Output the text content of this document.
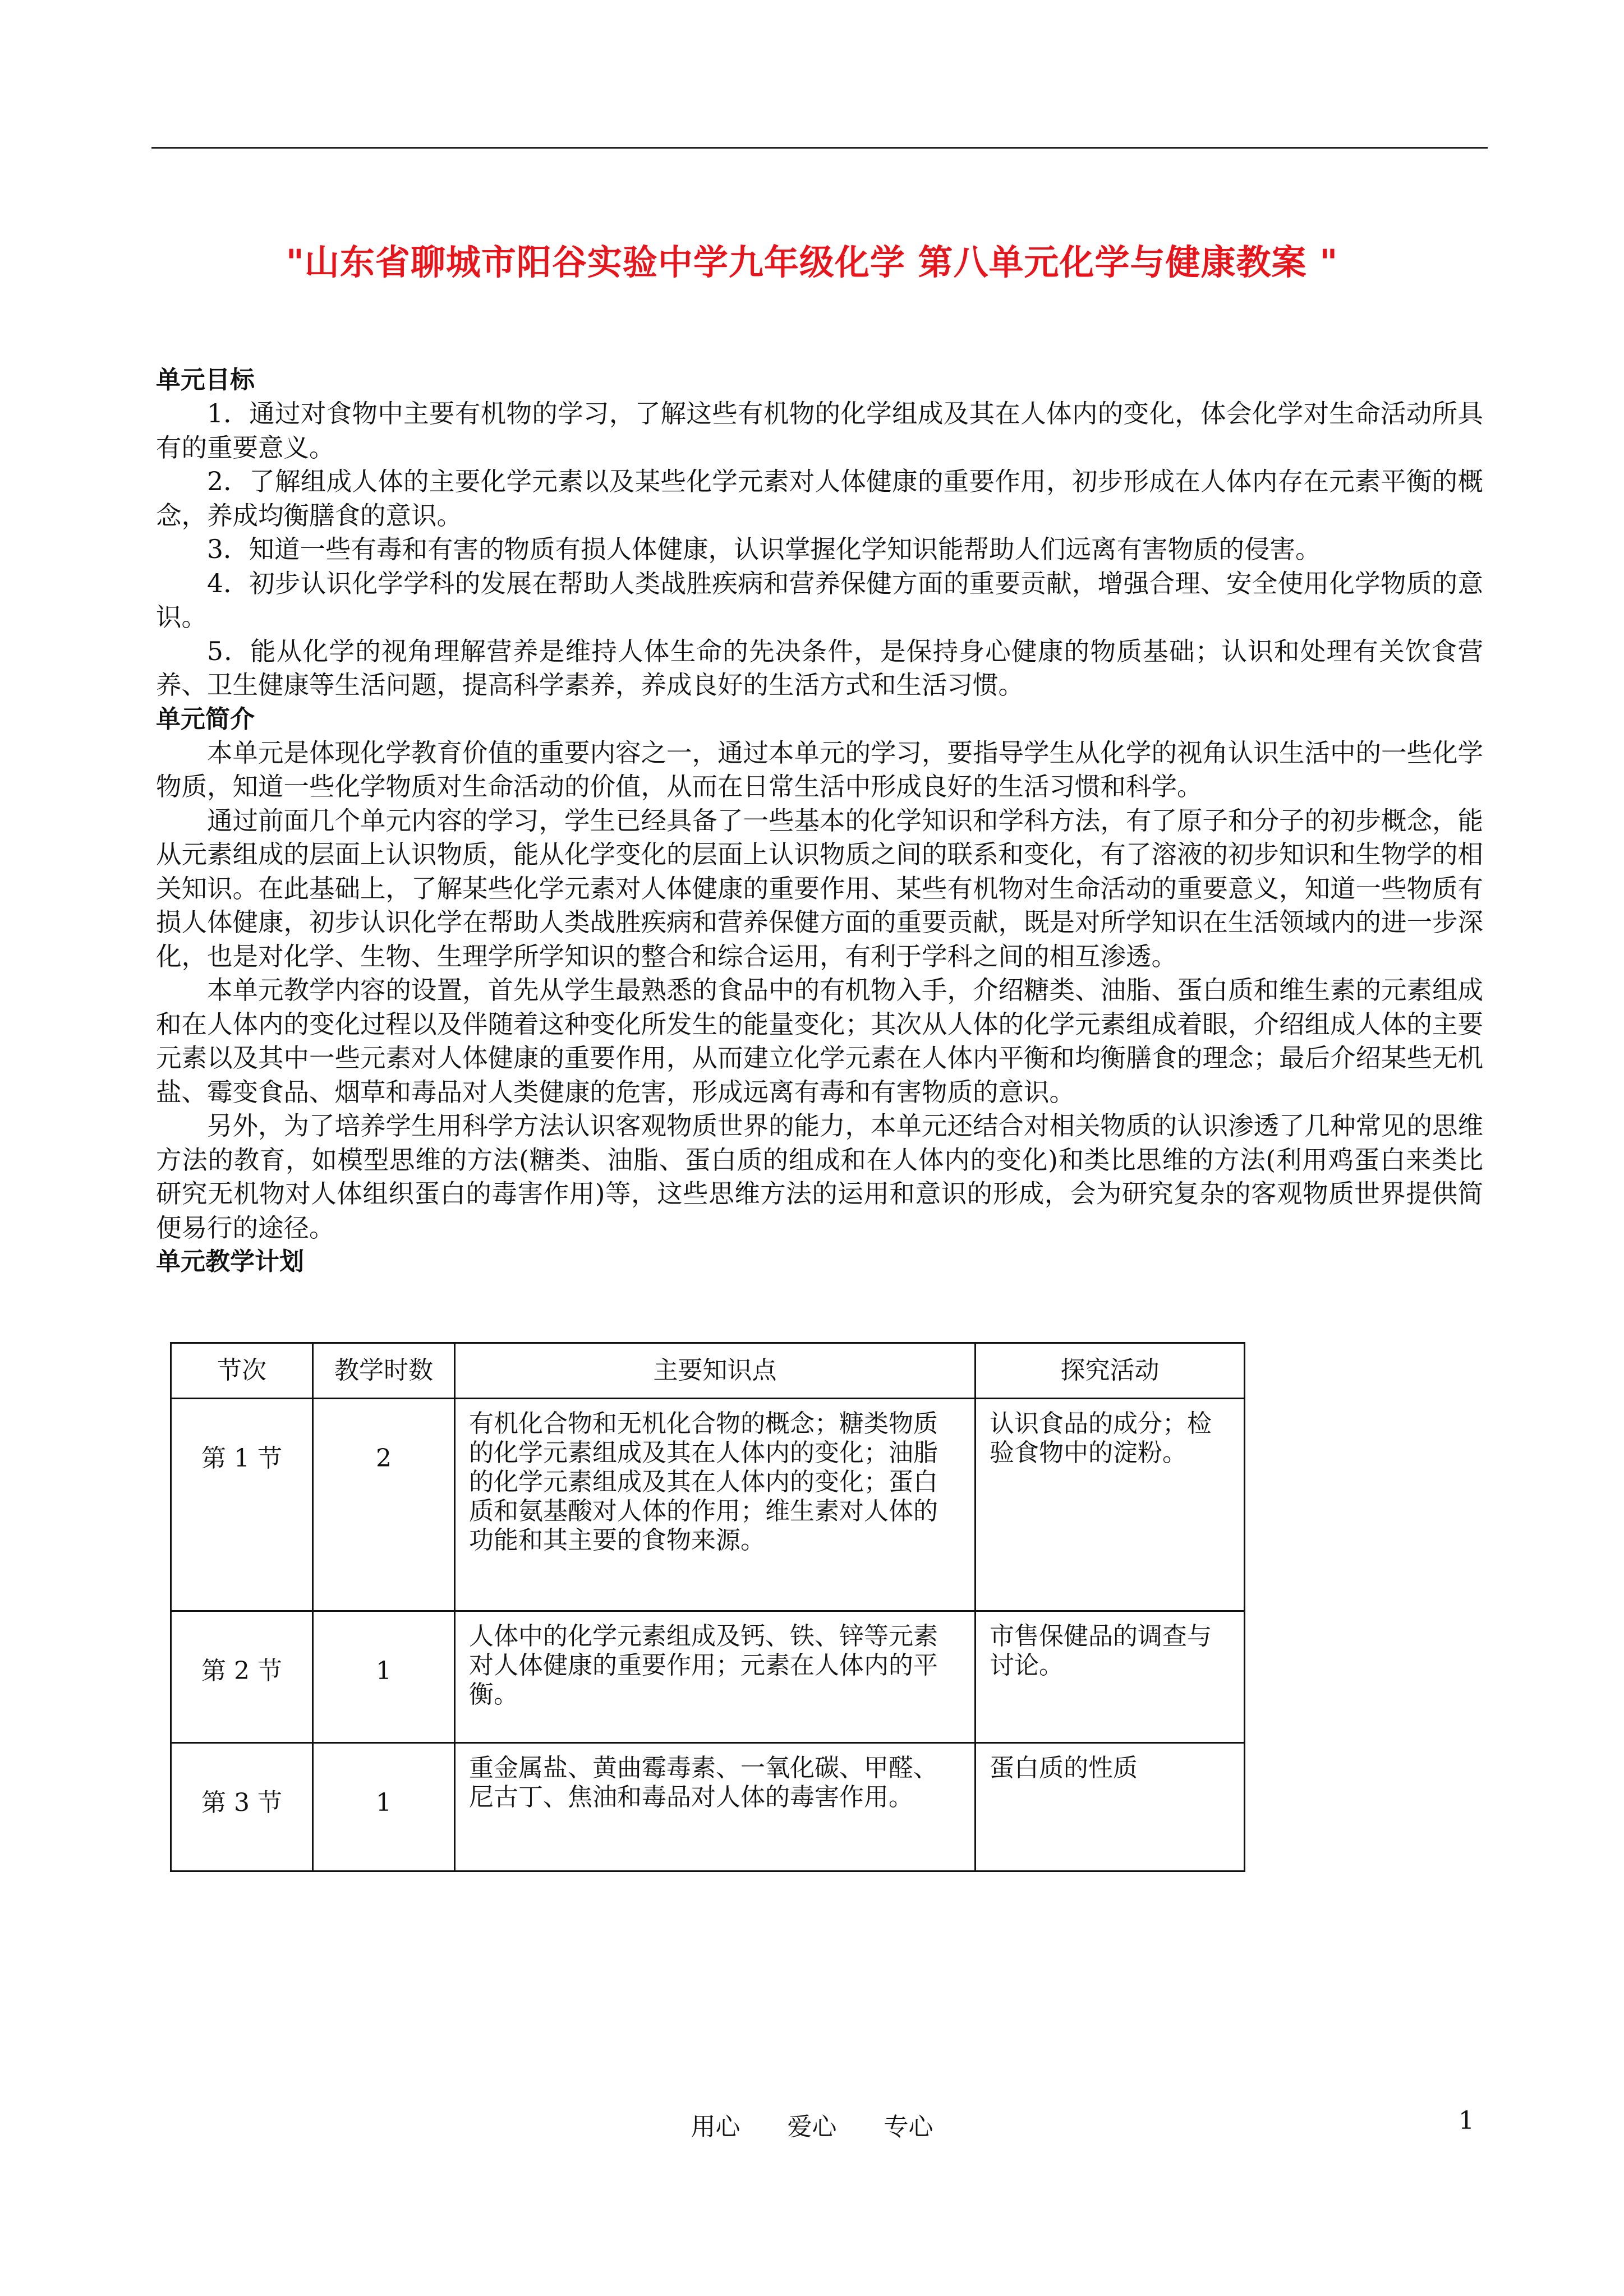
"山东省聊城市阳谷实验中学九年级化学 第八单元化学与健康教案 "

单元目标

1．通过对食物中主要有机物的学习，了解这些有机物的化学组成及其在人体内的变化，体会化学对生命活动所具有的重要意义。

2．了解组成人体的主要化学元素以及某些化学元素对人体健康的重要作用，初步形成在人体内存在元素平衡的概念，养成均衡膳食的意识。

3．知道一些有毒和有害的物质有损人体健康，认识掌握化学知识能帮助人们远离有害物质的侵害。

4．初步认识化学学科的发展在帮助人类战胜疾病和营养保健方面的重要贡献，增强合理、安全使用化学物质的意识。

5．能从化学的视角理解营养是维持人体生命的先决条件，是保持身心健康的物质基础；认识和处理有关饮食营养、卫生健康等生活问题，提高科学素养，养成良好的生活方式和生活习惯。

单元简介

本单元是体现化学教育价值的重要内容之一，通过本单元的学习，要指导学生从化学的视角认识生活中的一些化学物质，知道一些化学物质对生命活动的价值，从而在日常生活中形成良好的生活习惯和科学。

通过前面几个单元内容的学习，学生已经具备了一些基本的化学知识和学科方法，有了原子和分子的初步概念，能从元素组成的层面上认识物质，能从化学变化的层面上认识物质之间的联系和变化，有了溶液的初步知识和生物学的相关知识。在此基础上，了解某些化学元素对人体健康的重要作用、某些有机物对生命活动的重要意义，知道一些物质有损人体健康，初步认识化学在帮助人类战胜疾病和营养保健方面的重要贡献，既是对所学知识在生活领域内的进一步深化，也是对化学、生物、生理学所学知识的整合和综合运用，有利于学科之间的相互渗透。

本单元教学内容的设置，首先从学生最熟悉的食品中的有机物入手，介绍糖类、油脂、蛋白质和维生素的元素组成和在人体内的变化过程以及伴随着这种变化所发生的能量变化；其次从人体的化学元素组成着眼，介绍组成人体的主要元素以及其中一些元素对人体健康的重要作用，从而建立化学元素在人体内平衡和均衡膳食的理念；最后介绍某些无机盐、霉变食品、烟草和毒品对人类健康的危害，形成远离有毒和有害物质的意识。

另外，为了培养学生用科学方法认识客观物质世界的能力，本单元还结合对相关物质的认识渗透了几种常见的思维方法的教育，如模型思维的方法(糖类、油脂、蛋白质的组成和在人体内的变化)和类比思维的方法(利用鸡蛋白来类比研究无机物对人体组织蛋白的毒害作用)等，这些思维方法的运用和意识的形成，会为研究复杂的客观物质世界提供简便易行的途径。

单元教学计划

节次	教学时数	主要知识点	探究活动

第 1 节	2	有机化合物和无机化合物的概念；糖类物质的化学元素组成及其在人体内的变化；油脂的化学元素组成及其在人体内的变化；蛋白质和氨基酸对人体的作用；维生素对人体的功能和其主要的食物来源。	认识食品的成分；检验食物中的淀粉。

第 2 节	1	人体中的化学元素组成及钙、铁、锌等元素对人体健康的重要作用；元素在人体内的平衡。	市售保健品的调查与讨论。

第 3 节	1	重金属盐、黄曲霉毒素、一氧化碳、甲醛、尼古丁、焦油和毒品对人体的毒害作用。	蛋白质的性质
用心 爱心 专心	1
